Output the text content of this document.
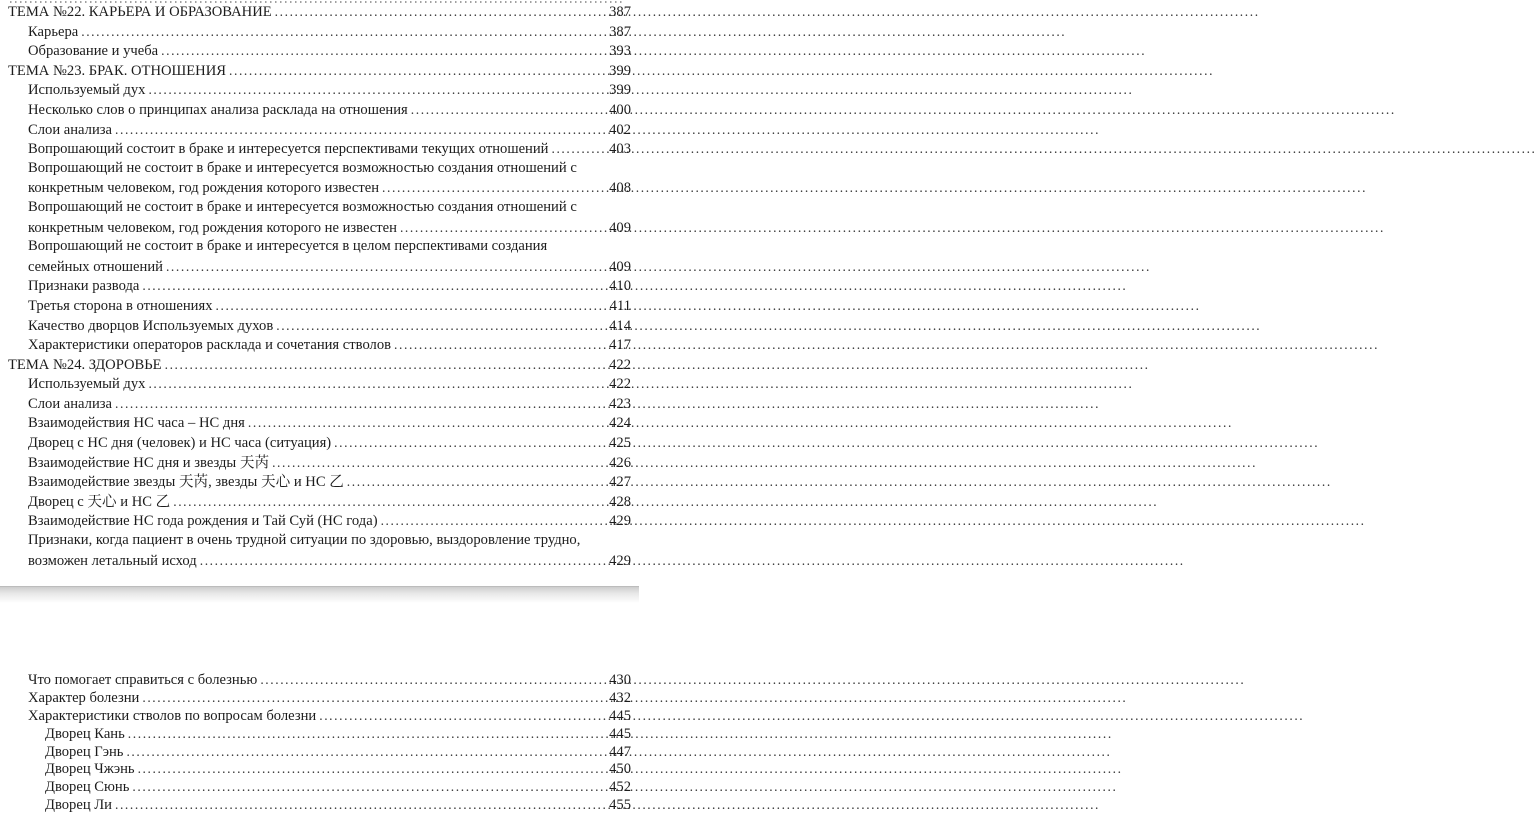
ТЕМА №22. КАРЬЕРА И ОБРАЗОВАНИЕ .....	387
Карьера .....	387
Образование и учеба .....	393
ТЕМА №23. БРАК. ОТНОШЕНИЯ .....	399
Используемый дух .....	399
Несколько слов о принципах анализа расклада на отношения .....	400
Слои анализа .....	402
Вопрошающий состоит в браке и интересуется перспективами текущих отношений .....	403
Вопрошающий не состоит в браке и интересуется возможностью создания отношений с
конкретным человеком, год рождения которого известен .....	408
Вопрошающий не состоит в браке и интересуется возможностью создания отношений с
конкретным человеком, год рождения которого не известен .....	409
Вопрошающий не состоит в браке и интересуется в целом перспективами создания
семейных отношений .....	409
Признаки развода .....	410
Третья сторона в отношениях .....	411
Качество дворцов Используемых духов .....	414
Характеристики операторов расклада и сочетания стволов .....	417
ТЕМА №24. ЗДОРОВЬЕ .....	422
Используемый дух .....	422
Слои анализа .....	423
Взаимодействия НС часа – НС дня .....	424
Дворец с НС дня (человек) и НС часа (ситуация) .....	425
Взаимодействие НС дня и звезды 天芮 .....	426
Взаимодействие звезды 天芮, звезды 天心 и НС 乙 .....	427
Дворец с 天心 и НС 乙 .....	428
Взаимодействие НС года рождения и Тай Суй (НС года) .....	429
Признаки, когда пациент в очень трудной ситуации по здоровью, выздоровление трудно,
возможен летальный исход .....	429
Что помогает справиться с болезнью .....	430
Характер болезни .....	432
Характеристики стволов по вопросам болезни .....	445
Дворец Кань .....	445
Дворец Гэнь .....	447
Дворец Чжэнь .....	450
Дворец Сюнь .....	452
Дворец Ли .....	455
